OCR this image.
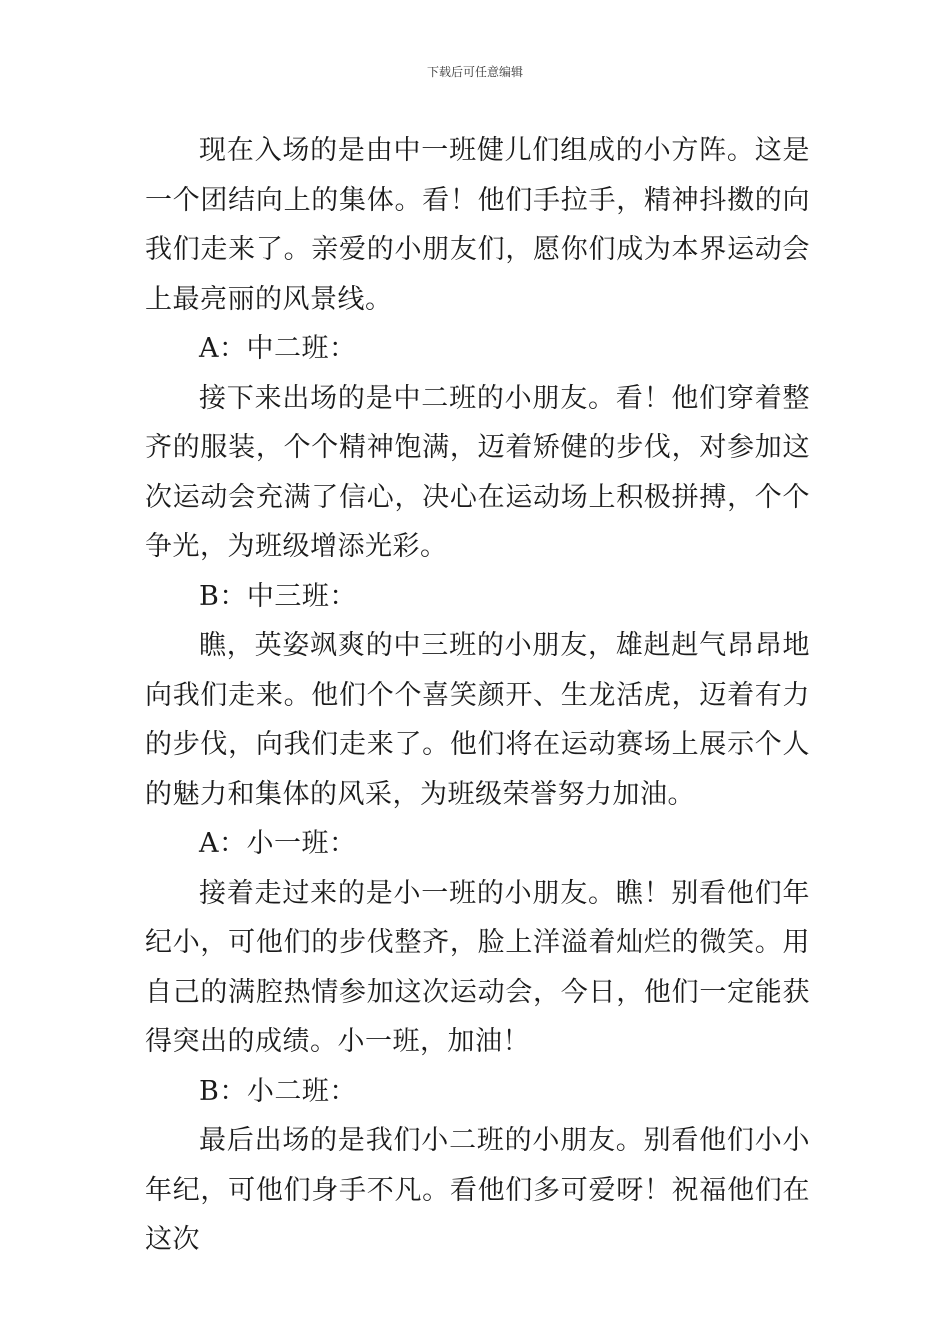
下载后可任意编辑

现在入场的是由中一班健儿们组成的小方阵。这是一个团结向上的集体。看！他们手拉手，精神抖擞的向我们走来了。亲爱的小朋友们，愿你们成为本界运动会上最亮丽的风景线。

A：中二班：

接下来出场的是中二班的小朋友。看！他们穿着整齐的服装，个个精神饱满，迈着矫健的步伐，对参加这次运动会充满了信心，决心在运动场上积极拼搏，个个争光，为班级增添光彩。

B：中三班：

瞧，英姿飒爽的中三班的小朋友，雄赳赳气昂昂地向我们走来。他们个个喜笑颜开、生龙活虎，迈着有力的步伐，向我们走来了。他们将在运动赛场上展示个人的魅力和集体的风采，为班级荣誉努力加油。

A：小一班：

接着走过来的是小一班的小朋友。瞧！别看他们年纪小，可他们的步伐整齐，脸上洋溢着灿烂的微笑。用自己的满腔热情参加这次运动会，今日，他们一定能获得突出的成绩。小一班，加油！

B：小二班：

最后出场的是我们小二班的小朋友。别看他们小小年纪，可他们身手不凡。看他们多可爱呀！祝福他们在这次
